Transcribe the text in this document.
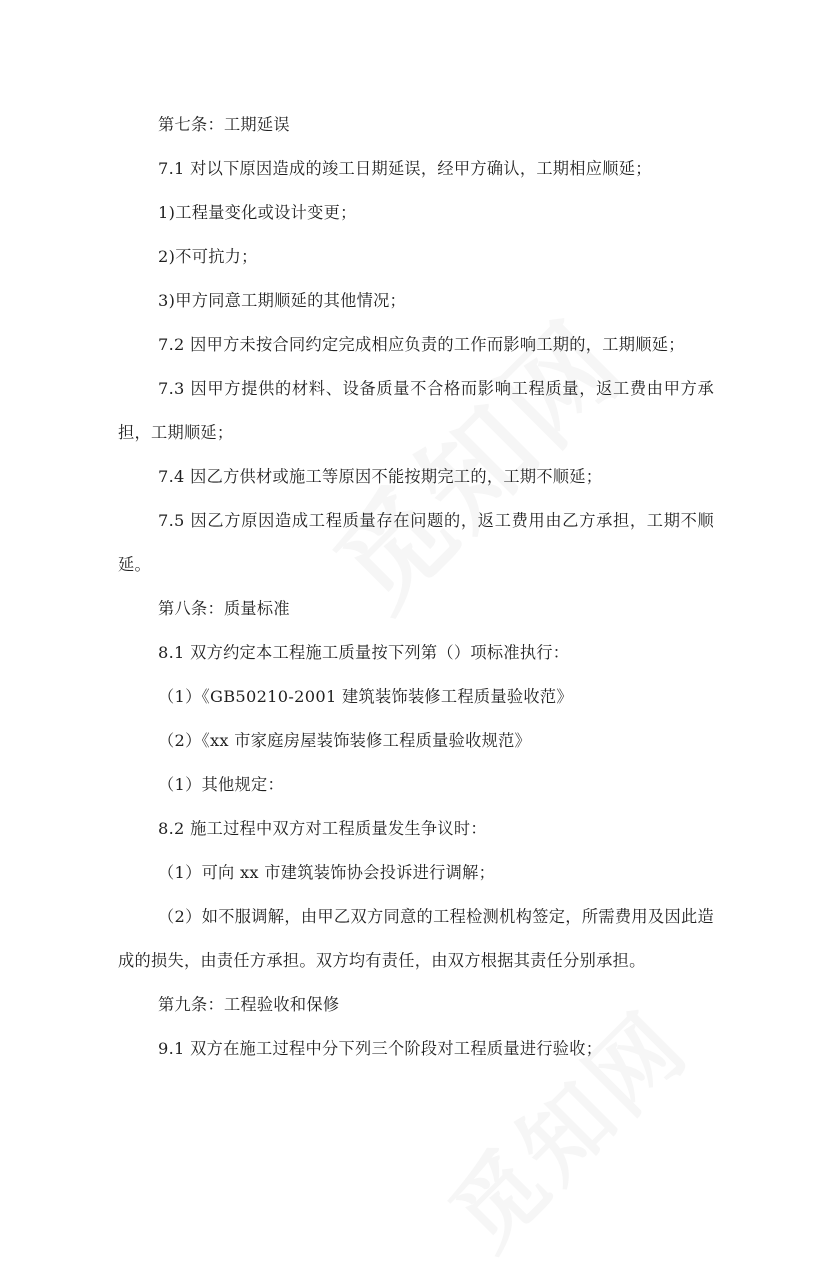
第七条：工期延误

7.1 对以下原因造成的竣工日期延误，经甲方确认，工期相应顺延；

1)工程量变化或设计变更；

2)不可抗力；

3)甲方同意工期顺延的其他情况；

7.2 因甲方未按合同约定完成相应负责的工作而影响工期的，工期顺延；

7.3 因甲方提供的材料、设备质量不合格而影响工程质量，返工费由甲方承担，工期顺延；

7.4 因乙方供材或施工等原因不能按期完工的，工期不顺延；

7.5 因乙方原因造成工程质量存在问题的，返工费用由乙方承担，工期不顺延。

第八条：质量标准

8.1 双方约定本工程施工质量按下列第（）项标准执行：

（1）《GB50210-2001 建筑装饰装修工程质量验收范》

（2）《xx 市家庭房屋装饰装修工程质量验收规范》

（1）其他规定：

8.2 施工过程中双方对工程质量发生争议时：

（1）可向 xx 市建筑装饰协会投诉进行调解；

（2）如不服调解，由甲乙双方同意的工程检测机构签定，所需费用及因此造成的损失，由责任方承担。双方均有责任，由双方根据其责任分别承担。

第九条：工程验收和保修

9.1 双方在施工过程中分下列三个阶段对工程质量进行验收；
